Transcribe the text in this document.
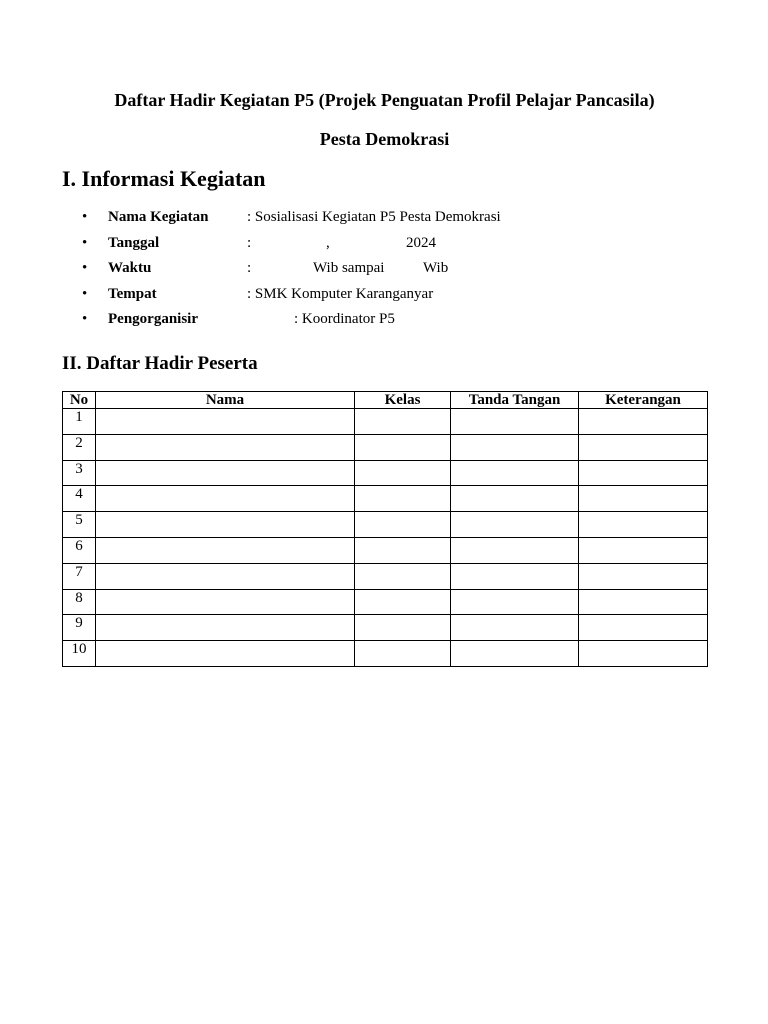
Daftar Hadir Kegiatan P5 (Projek Penguatan Profil Pelajar Pancasila)
Pesta Demokrasi
I. Informasi Kegiatan
• Nama Kegiatan	: Sosialisasi Kegiatan P5 Pesta Demokrasi
• Tanggal	:	,	2024
• Waktu	:	Wib sampai	Wib
• Tempat	: SMK Komputer Karanganyar
• Pengorganisir	: Koordinator P5
II. Daftar Hadir Peserta
No	Nama	Kelas	Tanda Tangan	Keterangan
1				
2				
3				
4				
5				
6				
7				
8				
9				
10				
